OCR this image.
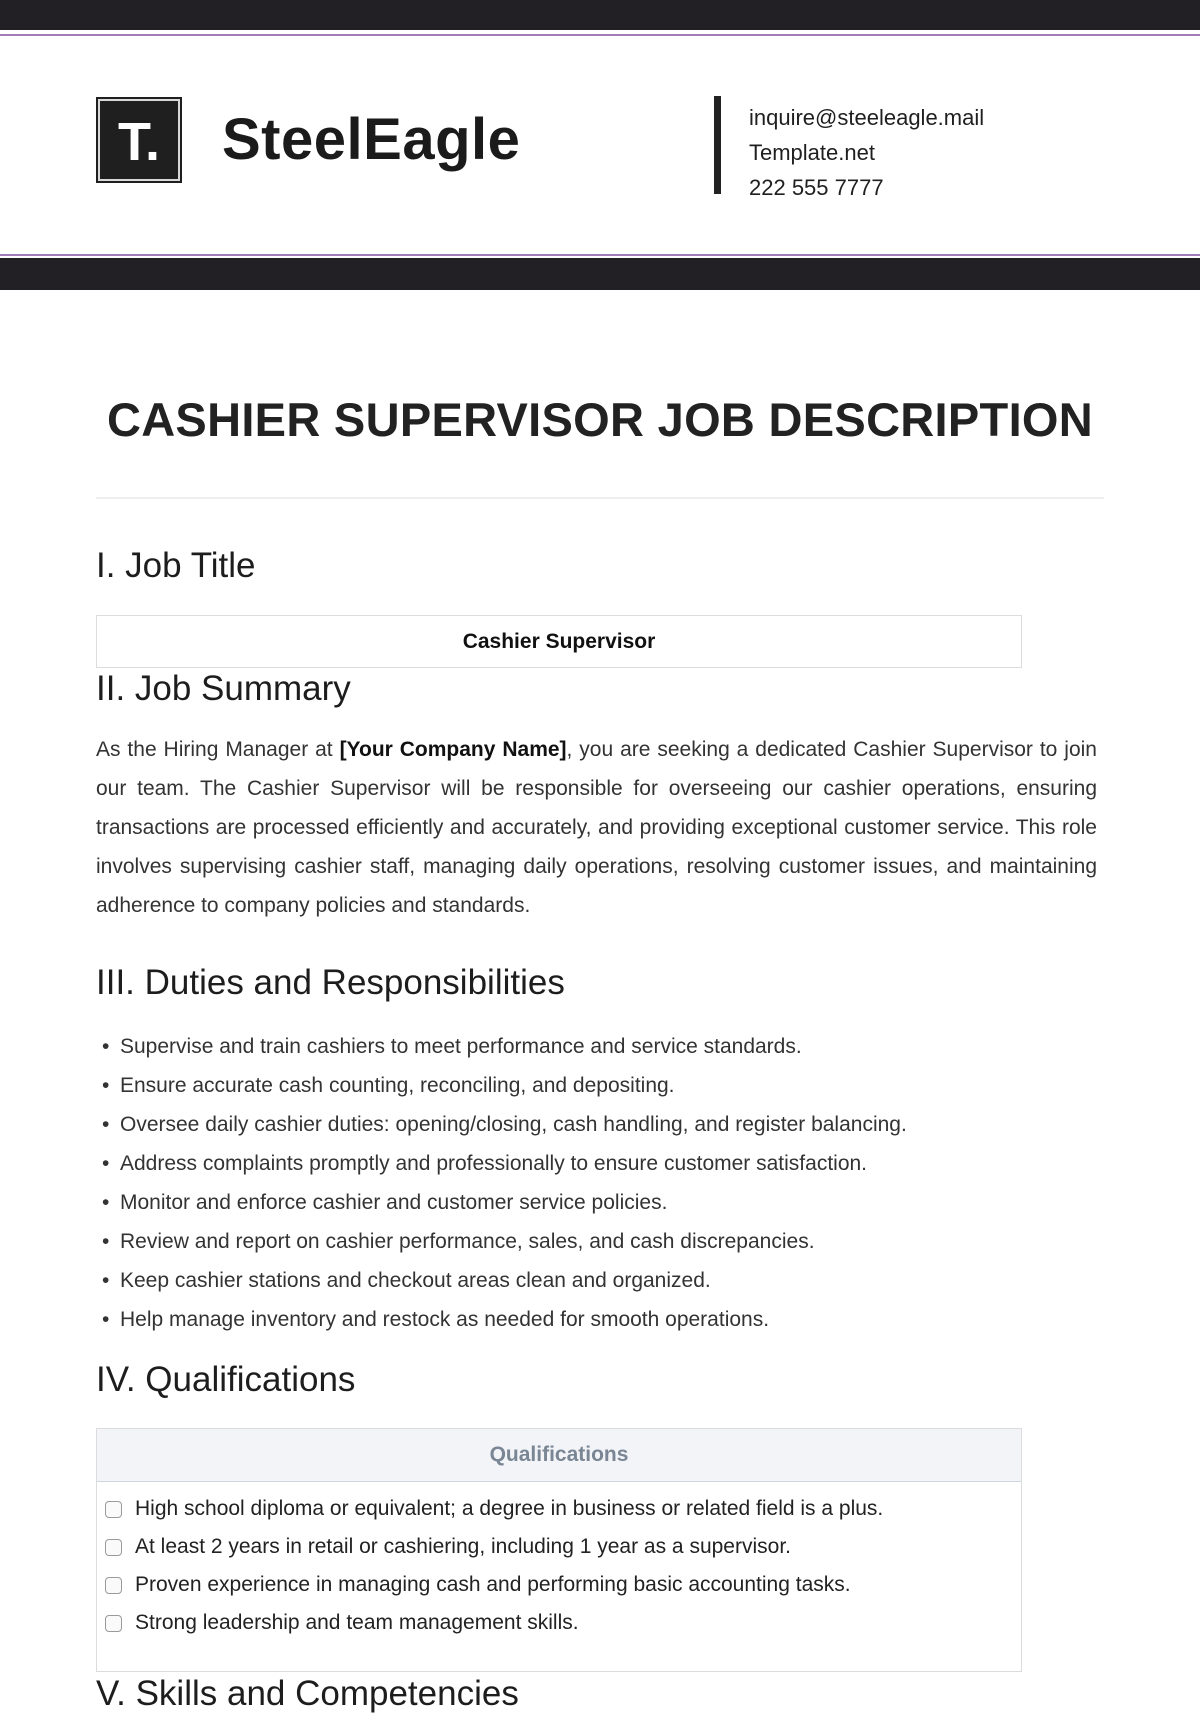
T.	SteelEagle	inquire@steeleagle.mail
Template.net
222 555 7777
CASHIER SUPERVISOR JOB DESCRIPTION
I. Job Title
Cashier Supervisor
II. Job Summary

As the Hiring Manager at [Your Company Name], you are seeking a dedicated Cashier Supervisor to join our team. The Cashier Supervisor will be responsible for overseeing our cashier operations, ensuring transactions are processed efficiently and accurately, and providing exceptional customer service. This role involves supervising cashier staff, managing daily operations, resolving customer issues, and maintaining adherence to company policies and standards.

III. Duties and Responsibilities
• Supervise and train cashiers to meet performance and service standards.
• Ensure accurate cash counting, reconciling, and depositing.
• Oversee daily cashier duties: opening/closing, cash handling, and register balancing.
• Address complaints promptly and professionally to ensure customer satisfaction.
• Monitor and enforce cashier and customer service policies.
• Review and report on cashier performance, sales, and cash discrepancies.
• Keep cashier stations and checkout areas clean and organized.
• Help manage inventory and restock as needed for smooth operations.
IV. Qualifications
Qualifications
High school diploma or equivalent; a degree in business or related field is a plus.
At least 2 years in retail or cashiering, including 1 year as a supervisor.
Proven experience in managing cash and performing basic accounting tasks.
Strong leadership and team management skills.
V. Skills and Competencies
